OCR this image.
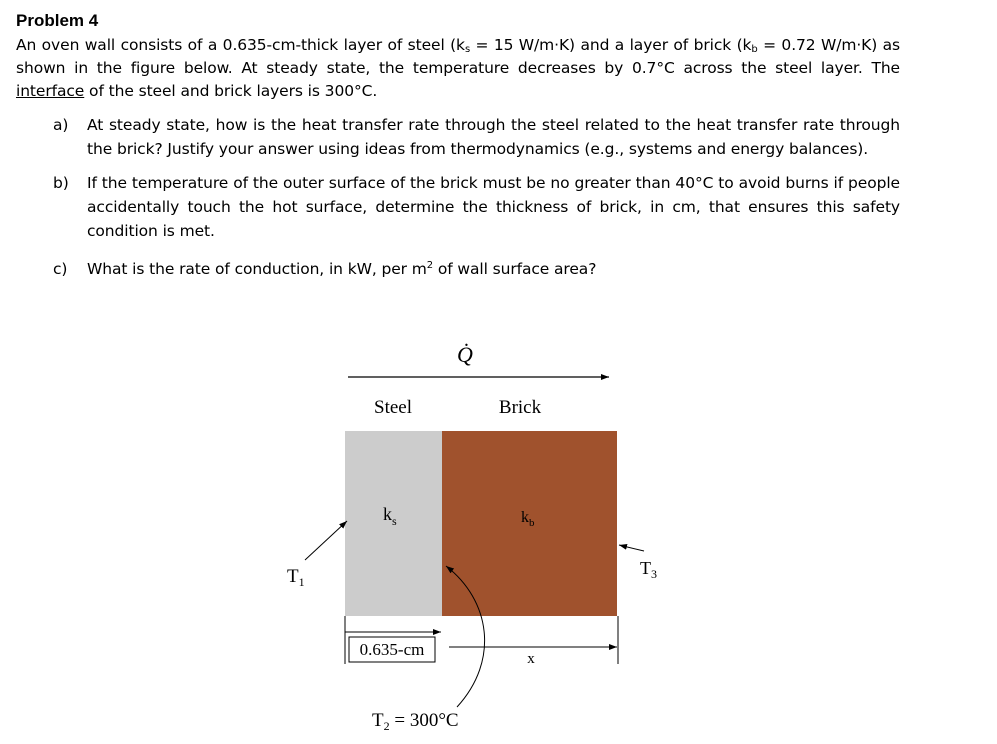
Problem 4

An oven wall consists of a 0.635-cm-thick layer of steel ($k_s = 15$ W/m·K) and a layer of brick ($k_b = 0.72$ W/m·K) as shown in the figure below. At steady state, the temperature decreases by 0.7°C across the steel layer. The interface of the steel and brick layers is 300°C.

a) At steady state, how is the heat transfer rate through the steel related to the heat transfer rate through the brick? Justify your answer using ideas from thermodynamics (e.g., systems and energy balances).
b) If the temperature of the outer surface of the brick must be no greater than 40°C to avoid burns if people accidentally touch the hot surface, determine the thickness of brick, in cm, that ensures this safety condition is met.
c) What is the rate of conduction, in kW, per $m^2$ of wall surface area?
Q̇
Steel	Brick
$k_s$	$k_b$
$T_1$
$T_3$
$T_2 = 300^\circ C$
0.635-cm	x
